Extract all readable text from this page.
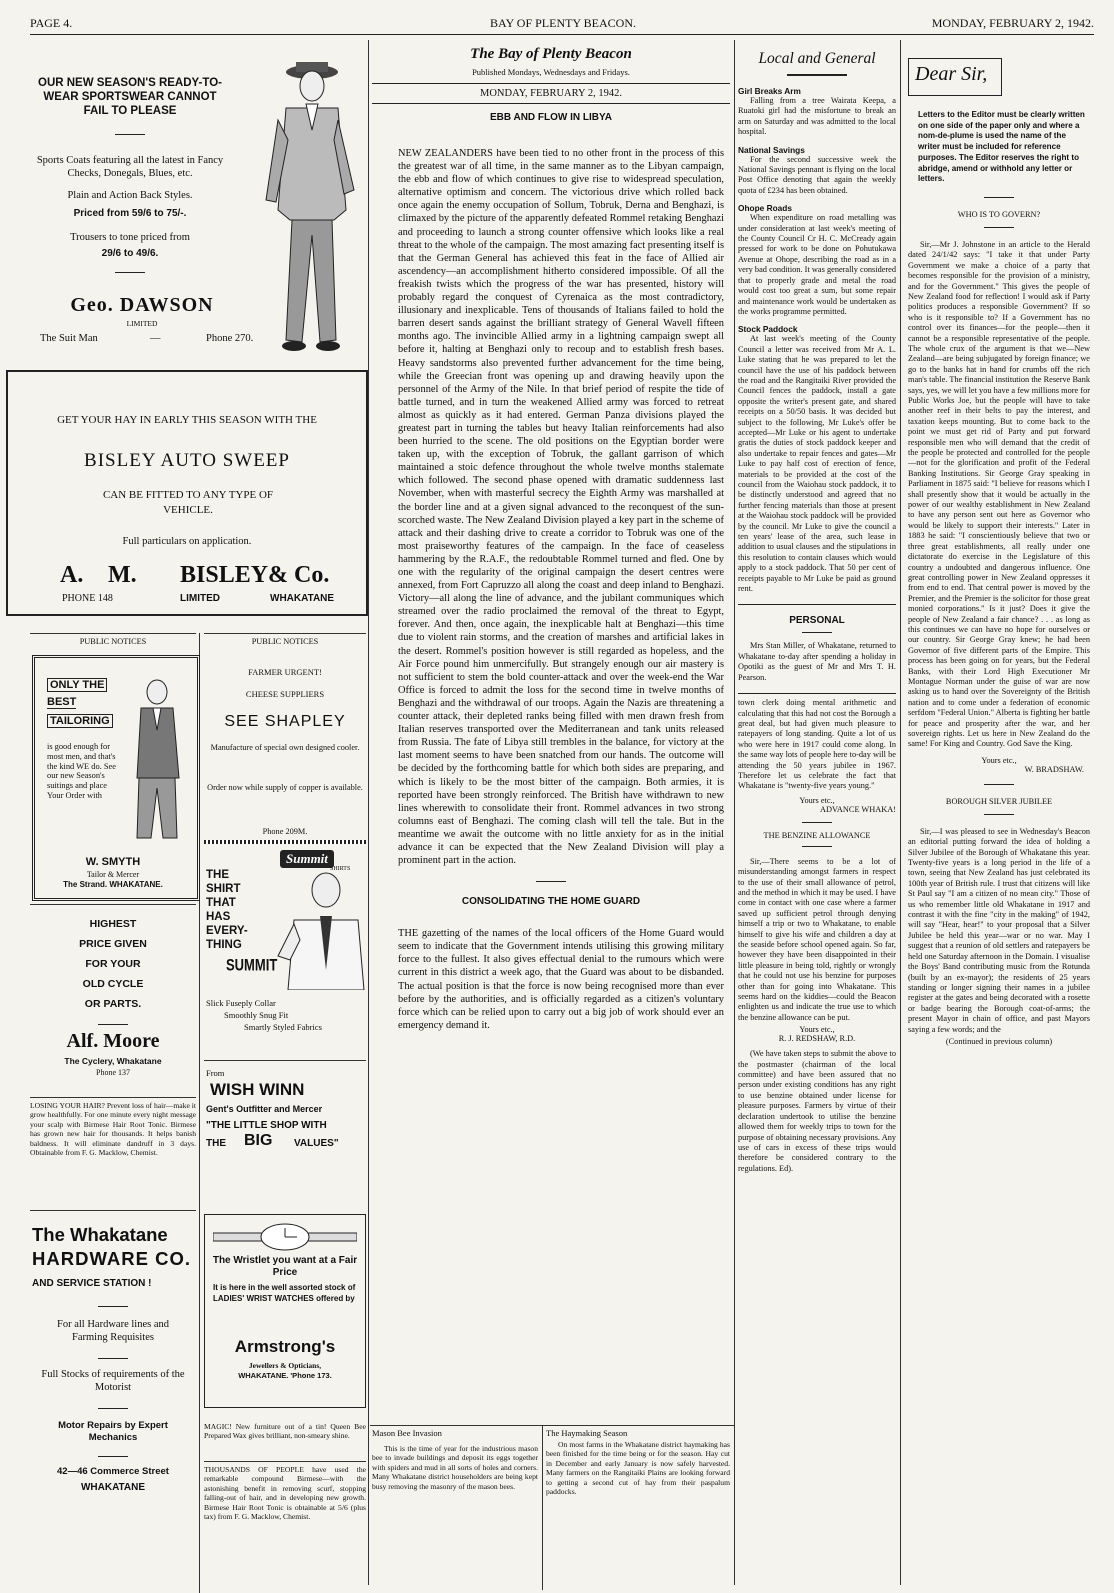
PAGE 4.	BAY OF PLENTY BEACON.	MONDAY, FEBRUARY 2, 1942.
OUR NEW SEASON'S READY-TO-WEAR SPORTSWEAR CANNOT FAIL TO PLEASE
Sports Coats featuring all the latest in Fancy Checks, Donegals, Blues, etc.
Plain and Action Back Styles.
Priced from 59/6 to 75/-.
Trousers to tone priced from
29/6 to 49/6.
Geo. DAWSON
LIMITED
The Suit Man	—	Phone 270.
GET YOUR HAY IN EARLY THIS SEASON WITH THE
BISLEY AUTO SWEEP
CAN BE FITTED TO ANY TYPE OF VEHICLE.
Full particulars on application.
A. M. BISLEY & Co.
PHONE 148	LIMITED	WHAKATANE
PUBLIC NOTICES	PUBLIC NOTICES
ONLY THE
BEST
TAILORING
is good enough for most men, and that's the kind WE do. See our new Season's suitings and place Your Order with
W. SMYTH
Tailor & Mercer
The Strand. WHAKATANE.
FARMER URGENT!
CHEESE SUPPLIERS
SEE SHAPLEY
Manufacture of special own designed cooler.
Order now while supply of copper is available.
Phone 209M.
HIGHEST
PRICE GIVEN
FOR YOUR
OLD CYCLE
OR PARTS.
Alf. Moore
The Cyclery, Whakatane
Phone 137

LOSING YOUR HAIR? Prevent loss of hair—make it grow healthfully. For one minute every night message your scalp with Birmese Hair Root Tonic. Birmese has grown new hair for thousands. It helps banish baldness. It will eliminate dandruff in 3 days. Obtainable from F. G. Macklow, Chemist.

The Whakatane
HARDWARE CO.
AND SERVICE STATION !
For all Hardware lines and Farming Requisites
Full Stocks of requirements of the Motorist
Motor Repairs by Expert Mechanics
42—46 Commerce Street
WHAKATANE
THE
SHIRT
THAT
HAS
EVERY-
THING
SUMMIT
Summit
SHIRTS
Slick Fuseply Collar
Smoothly Snug Fit
Smartly Styled Fabrics
From
WISH WINN
Gent's Outfitter and Mercer
"THE LITTLE SHOP WITH
THE BIG VALUES"
The Wristlet you want at a Fair Price
It is here in the well assorted stock of LADIES' WRIST WATCHES offered by
Armstrong's
Jewellers & Opticians,
WHAKATANE. 'Phone 173.

MAGIC! New furniture out of a tin! Queen Bee Prepared Wax gives brilliant, non-smeary shine.

THOUSANDS OF PEOPLE have used the remarkable compound Birmese—with the astonishing benefit in removing scurf, stopping falling-out of hair, and in developing new growth. Birmese Hair Root Tonic is obtainable at 5/6 (plus tax) from F. G. Macklow, Chemist.

The Bay of Plenty Beacon
Published Mondays, Wednesdays and Fridays.
MONDAY, FEBRUARY 2, 1942.
EBB AND FLOW IN LIBYA

NEW ZEALANDERS have been tied to no other front in the process of this the greatest war of all time, in the same manner as to the Libyan campaign, the ebb and flow of which continues to give rise to widespread speculation, alternative optimism and concern. The victorious drive which rolled back once again the enemy occupation of Sollum, Tobruk, Derna and Benghazi, is climaxed by the picture of the apparently defeated Rommel retaking Benghazi and proceeding to launch a strong counter offensive which looks like a real threat to the whole of the campaign. The most amazing fact presenting itself is that the German General has achieved this feat in the face of Allied air ascendency—an accomplishment hitherto considered impossible. Of all the freakish twists which the progress of the war has presented, history will probably regard the conquest of Cyrenaica as the most contradictory, illusionary and inexplicable. Tens of thousands of Italians failed to hold the barren desert sands against the brilliant strategy of General Wavell fifteen months ago. The invincible Allied army in a lightning campaign swept all before it, halting at Benghazi only to recoup and to establish fresh bases. Heavy sandstorms also prevented further advancement for the time being, while the Greecian front was opening up and drawing heavily upon the personnel of the Army of the Nile. In that brief period of respite the tide of battle turned, and in turn the weakened Allied army was forced to retreat almost as quickly as it had entered. German Panza divisions played the greatest part in turning the tables but heavy Italian reinforcements had also been hurried to the scene. The old positions on the Egyptian border were taken up, with the exception of Tobruk, the gallant garrison of which maintained a stoic defence throughout the whole twelve months stalemate which followed. The second phase opened with dramatic suddenness last November, when with masterful secrecy the Eighth Army was marshalled at the border line and at a given signal advanced to the reconquest of the sun-scorched waste. The New Zealand Division played a key part in the scheme of attack and their dashing drive to create a corridor to Tobruk was one of the most praiseworthy features of the campaign. In the face of ceaseless hammering by the R.A.F., the redoubtable Rommel turned and fled. One by one with the regularity of the original campaign the desert centres were annexed, from Fort Capruzzo all along the coast and deep inland to Benghazi. Victory—all along the line of advance, and the jubilant communiques which streamed over the radio proclaimed the removal of the threat to Egypt, forever. And then, once again, the inexplicable halt at Benghazi—this time due to violent rain storms, and the creation of marshes and artificial lakes in the desert. Rommel's position however is still regarded as hopeless, and the Air Force pound him unmercifully. But strangely enough our air mastery is not sufficient to stem the bold counter-attack and over the week-end the War Office is forced to admit the loss for the second time in twelve months of Benghazi and the withdrawal of our troops. Again the Nazis are threatening a counter attack, their depleted ranks being filled with men drawn fresh from Italian reserves transported over the Mediterranean and tank units released from Russia. The fate of Libya still trembles in the balance, for victory at the last moment seems to have been snatched from our hands. The outcome will be decided by the forthcoming battle for which both sides are preparing, and which is likely to be the most bitter of the campaign. Both armies, it is reported have been strongly reinforced. The British have withdrawn to new lines wherewith to consolidate their front. Rommel advances in two strong columns east of Benghazi. The coming clash will tell the tale. But in the meantime we await the outcome with no little anxiety for as in the initial advance it can be expected that the New Zealand Division will play a prominent part in the action.

CONSOLIDATING THE HOME GUARD

THE gazetting of the names of the local officers of the Home Guard would seem to indicate that the Government intends utilising this growing military force to the fullest. It also gives effectual denial to the rumours which were current in this district a week ago, that the Guard was about to be disbanded. The actual position is that the force is now being recognised more than ever before by the authorities, and is officially regarded as a citizen's voluntary force which can be relied upon to carry out a big job of work should ever an emergency demand it.

Mason Bee Invasion

This is the time of year for the industrious mason bee to invade buildings and deposit its eggs together with spiders and mud in all sorts of holes and corners. Many Whakatane district householders are being kept busy removing the masonry of the mason bees.

The Haymaking Season

On most farms in the Whakatane district haymaking has been finished for the time being or for the season. Hay cut in December and early January is now safely harvested. Many farmers on the Rangitaiki Plains are looking forward to getting a second cut of hay from their paspalum paddocks.

Local and General
Girl Breaks Arm

Falling from a tree Wairata Keepa, a Ruatoki girl had the misfortune to break an arm on Saturday and was admitted to the local hospital.

National Savings

For the second successive week the National Savings pennant is flying on the local Post Office denoting that again the weekly quota of £234 has been obtained.

Ohope Roads

When expenditure on road metalling was under consideration at last week's meeting of the County Council Cr H. C. McCready again pressed for work to be done on Pohutukawa Avenue at Ohope, describing the road as in a very bad condition. It was generally considered that to properly grade and metal the road would cost too great a sum, but some repair and maintenance work would be undertaken as the works programme permitted.

Stock Paddock

At last week's meeting of the County Council a letter was received from Mr A. L. Luke stating that he was prepared to let the council have the use of his paddock between the road and the Rangitaiki River provided the Council fences the paddock, install a gate opposite the writer's present gate, and shared receipts on a 50/50 basis. It was decided but subject to the following, Mr Luke's offer be accepted—Mr Luke or his agent to undertake gratis the duties of stock paddock keeper and also undertake to repair fences and gates—Mr Luke to pay half cost of erection of fence, materials to be provided at the cost of the council from the Waiohau stock paddock, it to be distinctly understood and agreed that no further fencing materials than those at present at the Waiohau stock paddock will be provided by the council. Mr Luke to give the council a ten years' lease of the area, such lease in addition to usual clauses and the stipulations in this resolution to contain clauses which would apply to a stock paddock. That 50 per cent of receipts payable to Mr Luke be paid as ground rent.

PERSONAL

Mrs Stan Miller, of Whakatane, returned to Whakatane to-day after spending a holiday in Opotiki as the guest of Mr and Mrs T. H. Pearson.

town clerk doing mental arithmetic and calculating that this had not cost the Borough a great deal, but had given much pleasure to ratepayers of long standing. Quite a lot of us who were here in 1917 could come along. In the same way lots of people here to-day will be attending the 50 years jubilee in 1967. Therefore let us celebrate the fact that Whakatane is "twenty-five years young."

Yours etc.,
ADVANCE WHAKA!
THE BENZINE ALLOWANCE

Sir,—There seems to be a lot of misunderstanding amongst farmers in respect to the use of their small allowance of petrol, and the method in which it may be used. I have come in contact with one case where a farmer saved up sufficient petrol through denying himself a trip or two to Whakatane, to enable himself to give his wife and children a day at the seaside before school opened again. So far, however they have been disappointed in their little pleasure in being told, rightly or wrongly that he could not use his benzine for purposes other than for going into Whakatane. This seems hard on the kiddies—could the Beacon enlighten us and indicate the true use to which the benzine allowance can be put.

Yours etc.,
R. J. REDSHAW, R.D.

(We have taken steps to submit the above to the postmaster (chairman of the local committee) and have been assured that no person under existing conditions has any right to use benzine obtained under license for pleasure purposes. Farmers by virtue of their declaration undertook to utilise the benzine allowed them for weekly trips to town for the purpose of obtaining necessary provisions. Any use of cars in excess of these trips would therefore be considered contrary to the regulations. Ed).

Dear Sir,

Letters to the Editor must be clearly written on one side of the paper only and where a nom-de-plume is used the name of the writer must be included for reference purposes. The Editor reserves the right to abridge, amend or withhold any letter or letters.

WHO IS TO GOVERN?

Sir,—Mr J. Johnstone in an article to the Herald dated 24/1/42 says: "I take it that under Party Government we make a choice of a party that becomes responsible for the provision of a ministry, and for the Government." This gives the people of New Zealand food for reflection! I would ask if Party politics produces a responsible Government? If so who is it responsible to? If a Government has no control over its finances—for the people—then it cannot be a responsible representative of the people. The whole crux of the argument is that we—New Zealand—are being subjugated by foreign finance; we go to the banks hat in hand for crumbs off the rich man's table. The financial institution the Reserve Bank says, yes, we will let you have a few millions more for Public Works Joe, but the people will have to take another reef in their belts to pay the interest, and taxation keeps mounting. But to come back to the point we must get rid of Party and put forward responsible men who will demand that the credit of the people be protected and controlled for the people—not for the glorification and profit of the Federal Banking Institutions. Sir George Gray speaking in Parliament in 1875 said: "I believe for reasons which I shall presently show that it would be actually in the power of our wealthy establishment in New Zealand to have any person sent out here as Governor who would be likely to support their interests." Later in 1883 he said: "I conscientiously believe that two or three great establishments, all really under one dictatorate do exercise in the Legislature of this country a undoubted and dangerous influence. One great controlling power in New Zealand oppresses it from end to end. That central power is moved by the Premier, and the Premier is the solicitor for those great monied corporations." Is it just? Does it give the people of New Zealand a fair chance? . . . as long as this continues we can have no hope for ourselves or our country. Sir George Gray knew; he had been Governor of five different parts of the Empire. This process has been going on for years, but the Federal Banks, with their Lord High Executioner Mr Montague Norman under the guise of war are now asking us to hand over the Sovereignty of the British nation and to come under a federation of economic serfdom "Federal Union." Alberta is fighting her battle for peace and prosperity after the war, and her sovereign rights. Let us here in New Zealand do the same! For King and Country. God Save the King.

Yours etc.,
W. BRADSHAW.
BOROUGH SILVER JUBILEE

Sir,—I was pleased to see in Wednesday's Beacon an editorial putting forward the idea of holding a Silver Jubilee of the Borough of Whakatane this year. Twenty-five years is a long period in the life of a town, seeing that New Zealand has just celebrated its 100th year of British rule. I trust that citizens will like St Paul say "I am a citizen of no mean city." Those of us who remember little old Whakatane in 1917 and contrast it with the fine "city in the making" of 1942, will say "Hear, hear!" to your proposal that a Silver Jubilee be held this year—war or no war. May I suggest that a reunion of old settlers and ratepayers be held one Saturday afternoon in the Domain. I visualise the Boys' Band contributing music from the Rotunda (built by an ex-mayor); the residents of 25 years standing or longer signing their names in a jubilee register at the gates and being decorated with a rosette or badge bearing the Borough coat-of-arms; the present Mayor in chain of office, and past Mayors saying a few words; and the

(Continued in previous column)
